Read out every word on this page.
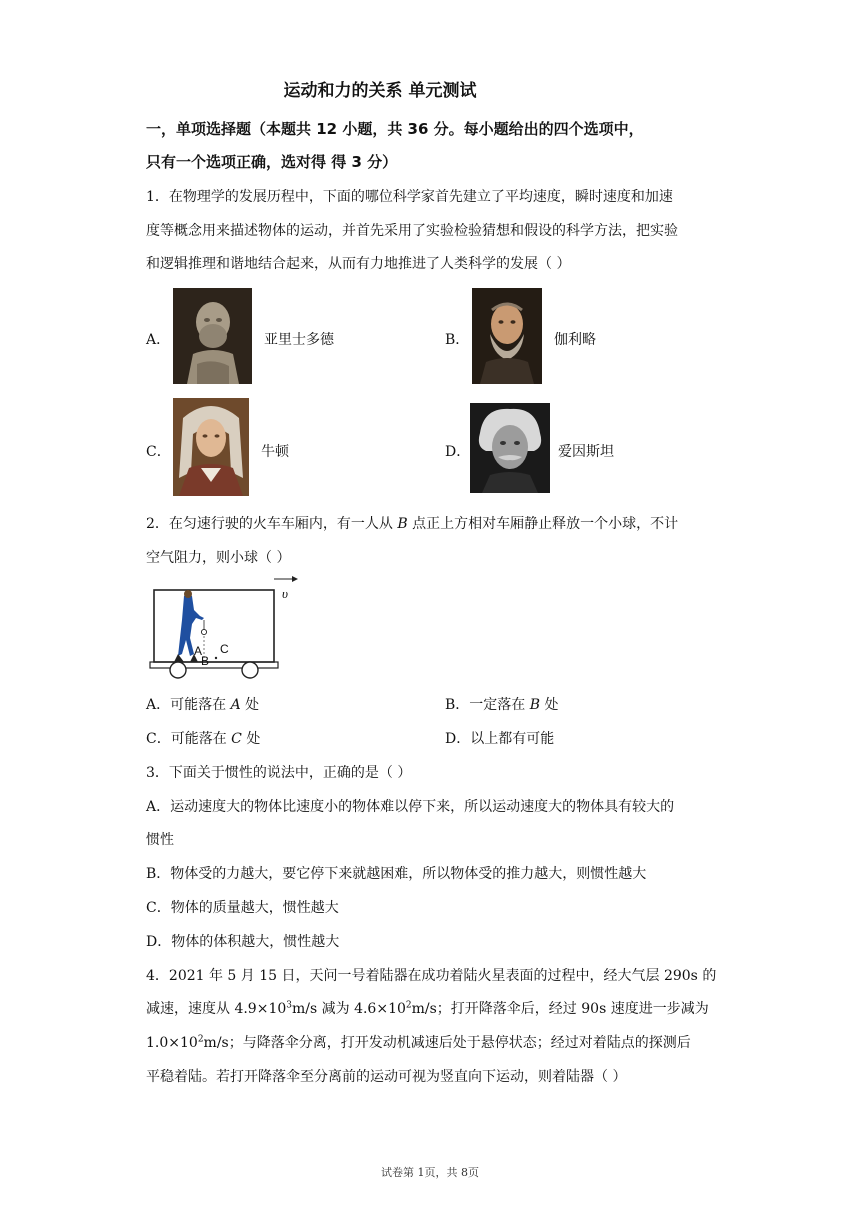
运动和力的关系 单元测试
一，单项选择题（本题共 12 小题，共 36 分。每小题给出的四个选项中，
只有一个选项正确，选对得 得 3 分）
1．在物理学的发展历程中，下面的哪位科学家首先建立了平均速度，瞬时速度和加速
度等概念用来描述物体的运动，并首先采用了实验检验猜想和假设的科学方法，把实验
和逻辑推理和谐地结合起来，从而有力地推进了人类科学的发展（ ）
A．	亚里士多德	B．	伽利略
C．	牛顿	D．	爱因斯坦
2．在匀速行驶的火车车厢内，有一人从 B 点正上方相对车厢静止释放一个小球，不计
空气阻力，则小球（ ）
υ
A
B
C
A．可能落在 A 处	B．一定落在 B 处
C．可能落在 C 处	D．以上都有可能
3．下面关于惯性的说法中，正确的是（ ）
A．运动速度大的物体比速度小的物体难以停下来，所以运动速度大的物体具有较大的
惯性
B．物体受的力越大，要它停下来就越困难，所以物体受的推力越大，则惯性越大
C．物体的质量越大，惯性越大
D．物体的体积越大，惯性越大
4．2021 年 5 月 15 日，天问一号着陆器在成功着陆火星表面的过程中，经大气层 290s 的
减速，速度从 $4.9\times 10^3m/s$ 减为 $4.6\times 10^2m/s$；打开降落伞后，经过 90s 速度进一步减为
$1.0\times 10^2m/s$；与降落伞分离，打开发动机减速后处于悬停状态；经过对着陆点的探测后
平稳着陆。若打开降落伞至分离前的运动可视为竖直向下运动，则着陆器（ ）
试卷第 1页，共 8页
